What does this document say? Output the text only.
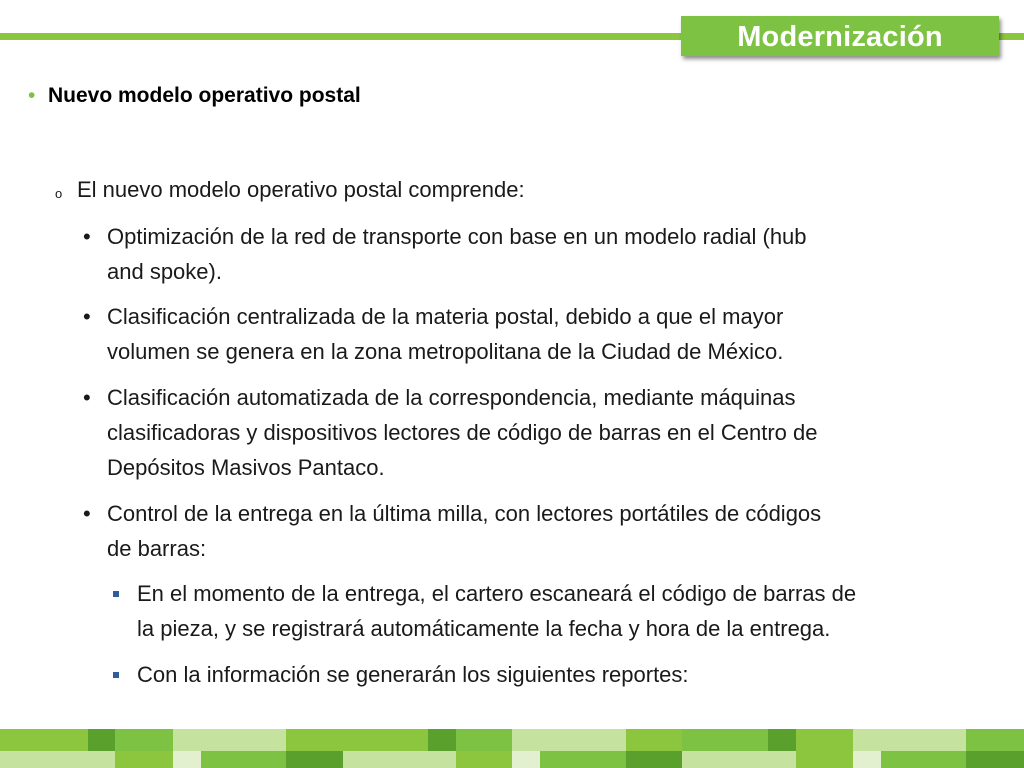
Modernización
• Nuevo modelo operativo postal
o El nuevo modelo operativo postal comprende:
• Optimización de la red de transporte con base en un modelo radial (hub
and spoke).
• Clasificación centralizada de la materia postal, debido a que el mayor
volumen se genera en la zona metropolitana de la Ciudad de México.
• Clasificación automatizada de la correspondencia, mediante máquinas
clasificadoras y dispositivos lectores de código de barras en el Centro de
Depósitos Masivos Pantaco.
• Control de la entrega en la última milla, con lectores portátiles de códigos
de barras:
En el momento de la entrega, el cartero escaneará el código de barras de
la pieza, y se registrará automáticamente la fecha y hora de la entrega.
Con la información se generarán los siguientes reportes:
